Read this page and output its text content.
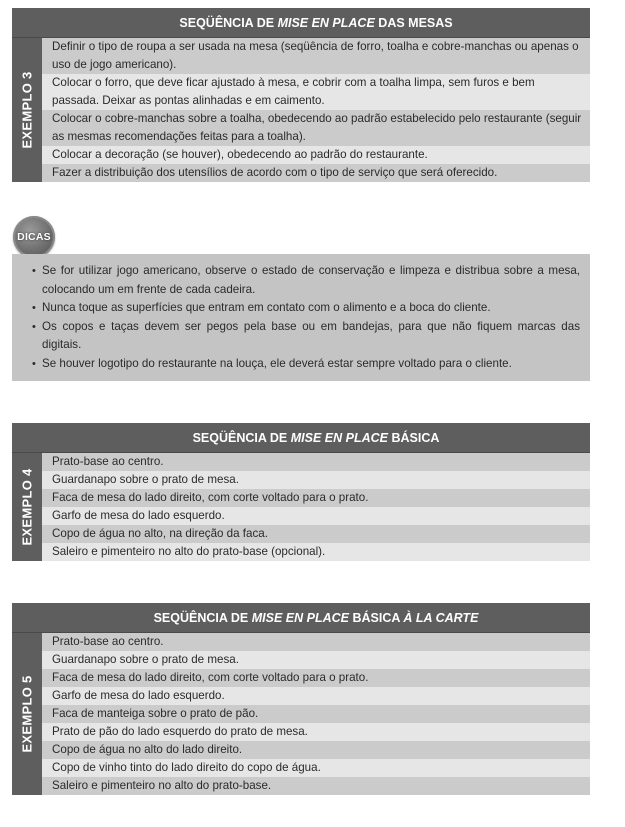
SEQÜÊNCIA DE MISE EN PLACE DAS MESAS
EXEMPLO 3
Definir o tipo de roupa a ser usada na mesa (seqüência de forro, toalha e cobre-manchas ou apenas o uso de jogo americano).
Colocar o forro, que deve ficar ajustado à mesa, e cobrir com a toalha limpa, sem furos e bem passada. Deixar as pontas alinhadas e em caimento.
Colocar o cobre-manchas sobre a toalha, obedecendo ao padrão estabelecido pelo restaurante (seguir as mesmas recomendações feitas para a toalha).
Colocar a decoração (se houver), obedecendo ao padrão do restaurante.
Fazer a distribuição dos utensílios de acordo com o tipo de serviço que será oferecido.
DICAS
• Se for utilizar jogo americano, observe o estado de conservação e limpeza e distribua sobre a mesa, colocando um em frente de cada cadeira.
• Nunca toque as superfícies que entram em contato com o alimento e a boca do cliente.
• Os copos e taças devem ser pegos pela base ou em bandejas, para que não fiquem marcas das digitais.
• Se houver logotipo do restaurante na louça, ele deverá estar sempre voltado para o cliente.
SEQÜÊNCIA DE MISE EN PLACE BÁSICA
EXEMPLO 4
Prato-base ao centro.
Guardanapo sobre o prato de mesa.
Faca de mesa do lado direito, com corte voltado para o prato.
Garfo de mesa do lado esquerdo.
Copo de água no alto, na direção da faca.
Saleiro e pimenteiro no alto do prato-base (opcional).
SEQÜÊNCIA DE MISE EN PLACE BÁSICA À LA CARTE
EXEMPLO 5
Prato-base ao centro.
Guardanapo sobre o prato de mesa.
Faca de mesa do lado direito, com corte voltado para o prato.
Garfo de mesa do lado esquerdo.
Faca de manteiga sobre o prato de pão.
Prato de pão do lado esquerdo do prato de mesa.
Copo de água no alto do lado direito.
Copo de vinho tinto do lado direito do copo de água.
Saleiro e pimenteiro no alto do prato-base.
